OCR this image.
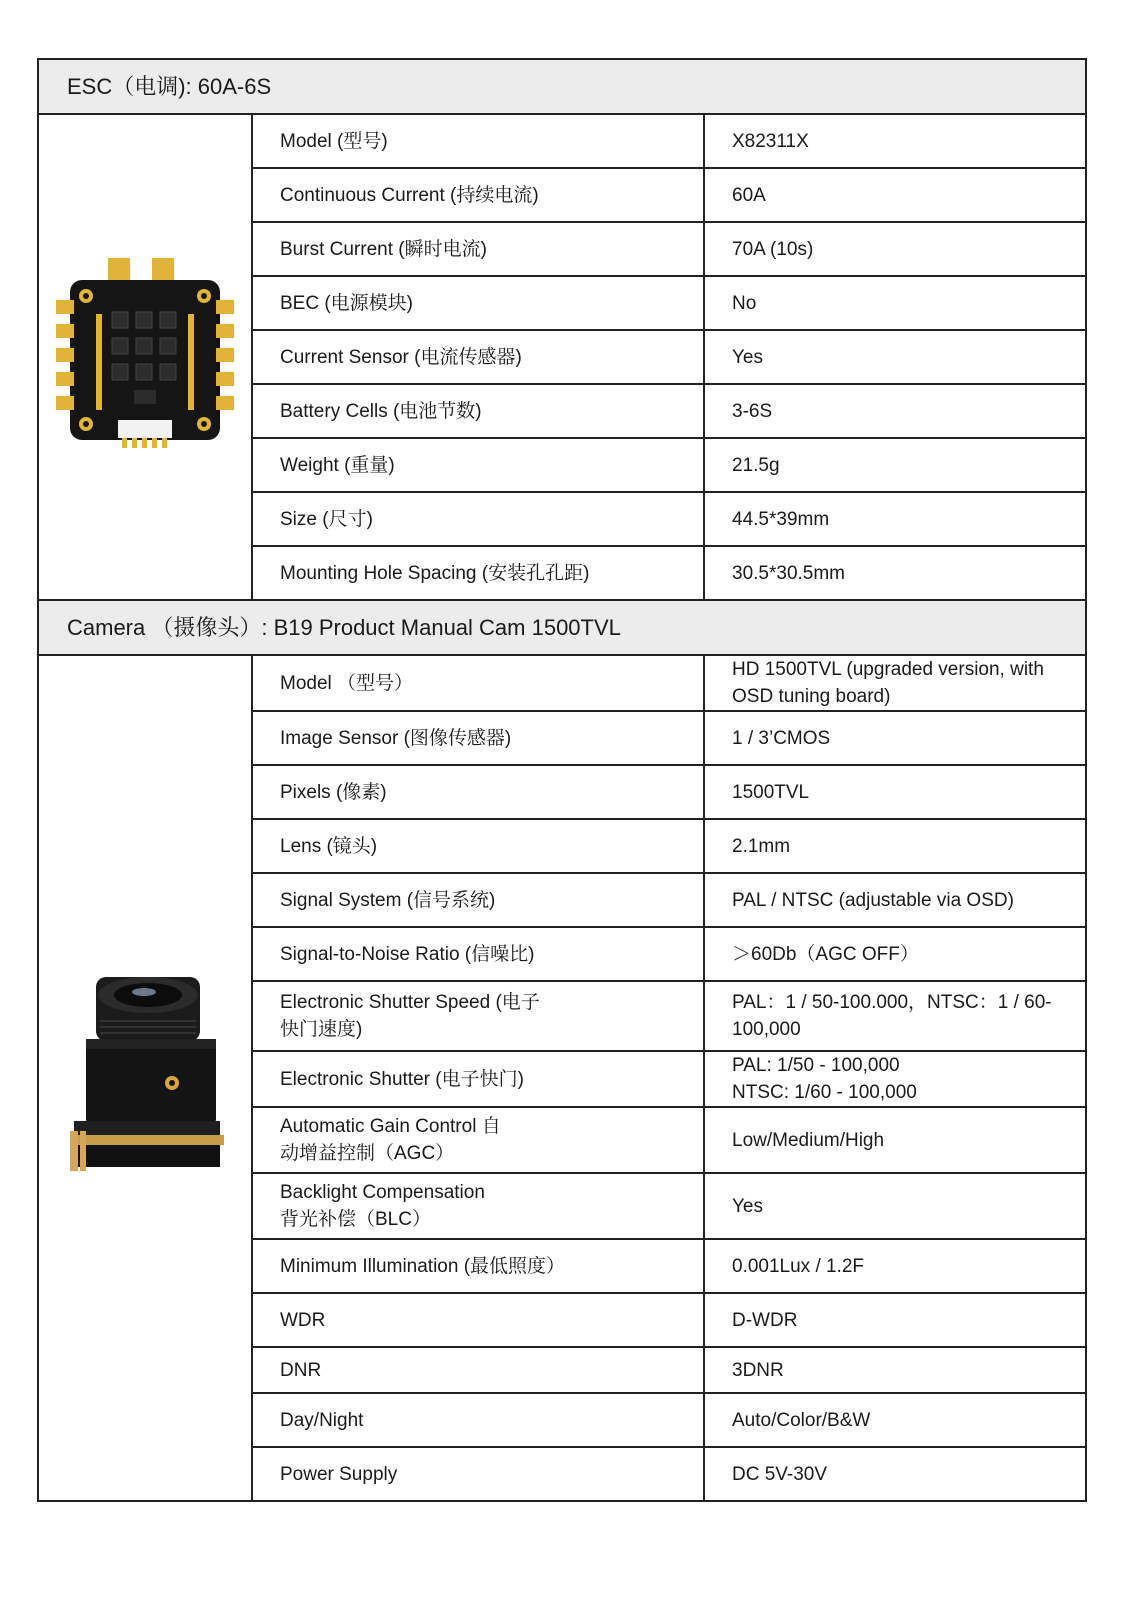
ESC（电调): 60A-6S		

	Model (型号)	X82311X
	Continuous Current (持续电流)	60A
	Burst Current (瞬时电流)	70A (10s)
	BEC (电源模块)	No
	Current Sensor (电流传感器)	Yes
	Battery Cells (电池节数)	3-6S
	Weight (重量)	21.5g
	Size (尺寸)	44.5*39mm
	Mounting Hole Spacing (安装孔孔距)	30.5*30.5mm
Camera （摄像头）: B19 Product Manual Cam 1500TVL		

	Model （型号）	HD 1500TVL (upgraded version, with OSD tuning board)
	Image Sensor (图像传感器)	1 / 3’CMOS
	Pixels (像素)	1500TVL
	Lens (镜头)	2.1mm
	Signal System (信号系统)	PAL / NTSC (adjustable via OSD)
	Signal-to-Noise Ratio (信噪比)	＞60Db（AGC OFF）
	Electronic Shutter Speed (电子快门速度)	PAL：1 / 50-100.000，NTSC：1 / 60-100,000
	Electronic Shutter (电子快门)	PAL: 1/50 - 100,000
NTSC: 1/60 - 100,000
	Automatic Gain Control 自动增益控制（AGC）	Low/Medium/High
	Backlight Compensation 背光补偿（BLC）	Yes
	Minimum Illumination (最低照度）	0.001Lux / 1.2F
	WDR	D-WDR
	DNR	3DNR
	Day/Night	Auto/Color/B&W
	Power Supply	DC 5V-30V
